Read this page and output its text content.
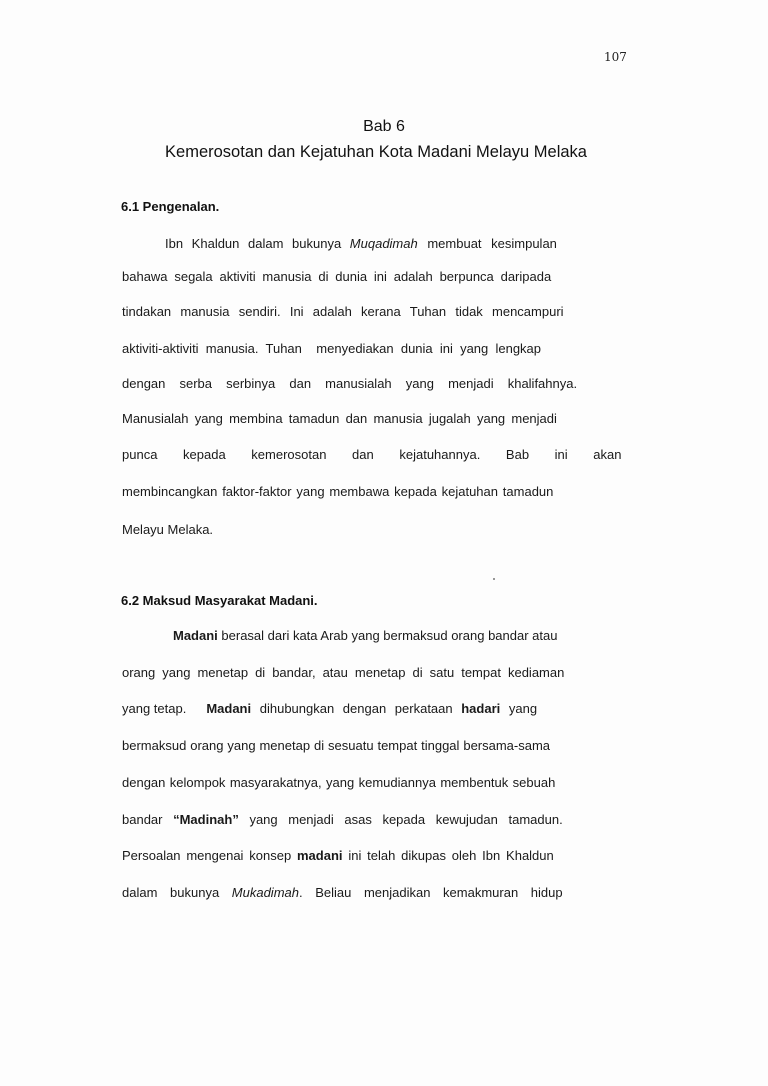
107
Bab 6
Kemerosotan dan Kejatuhan Kota Madani Melayu Melaka
6.1 Pengenalan.
Ibn Khaldun dalam bukunya Muqadimah membuat kesimpulan
bahawa segala aktiviti manusia di dunia ini adalah berpunca daripada
tindakan manusia sendiri. Ini adalah kerana Tuhan tidak mencampuri
aktiviti-aktiviti manusia. Tuhan  menyediakan dunia ini yang lengkap
dengan serba serbinya dan manusialah yang menjadi khalifahnya.
Manusialah yang membina tamadun dan manusia jugalah yang menjadi
punca kepada kemerosotan dan kejatuhannya. Bab ini akan
membincangkan faktor-faktor yang membawa kepada kejatuhan tamadun
Melayu Melaka.
6.2 Maksud Masyarakat Madani.
Madani berasal dari kata Arab yang bermaksud orang bandar atau
orang yang menetap di bandar, atau menetap di satu tempat kediaman
yang tetap. Madani dihubungkan dengan perkataan hadari yang
bermaksud orang yang menetap di sesuatu tempat tinggal bersama-sama
dengan kelompok masyarakatnya, yang kemudiannya membentuk sebuah
bandar “Madinah” yang menjadi asas kepada kewujudan tamadun.
Persoalan mengenai konsep madani ini telah dikupas oleh Ibn Khaldun
dalam bukunya Mukadimah. Beliau menjadikan kemakmuran hidup
